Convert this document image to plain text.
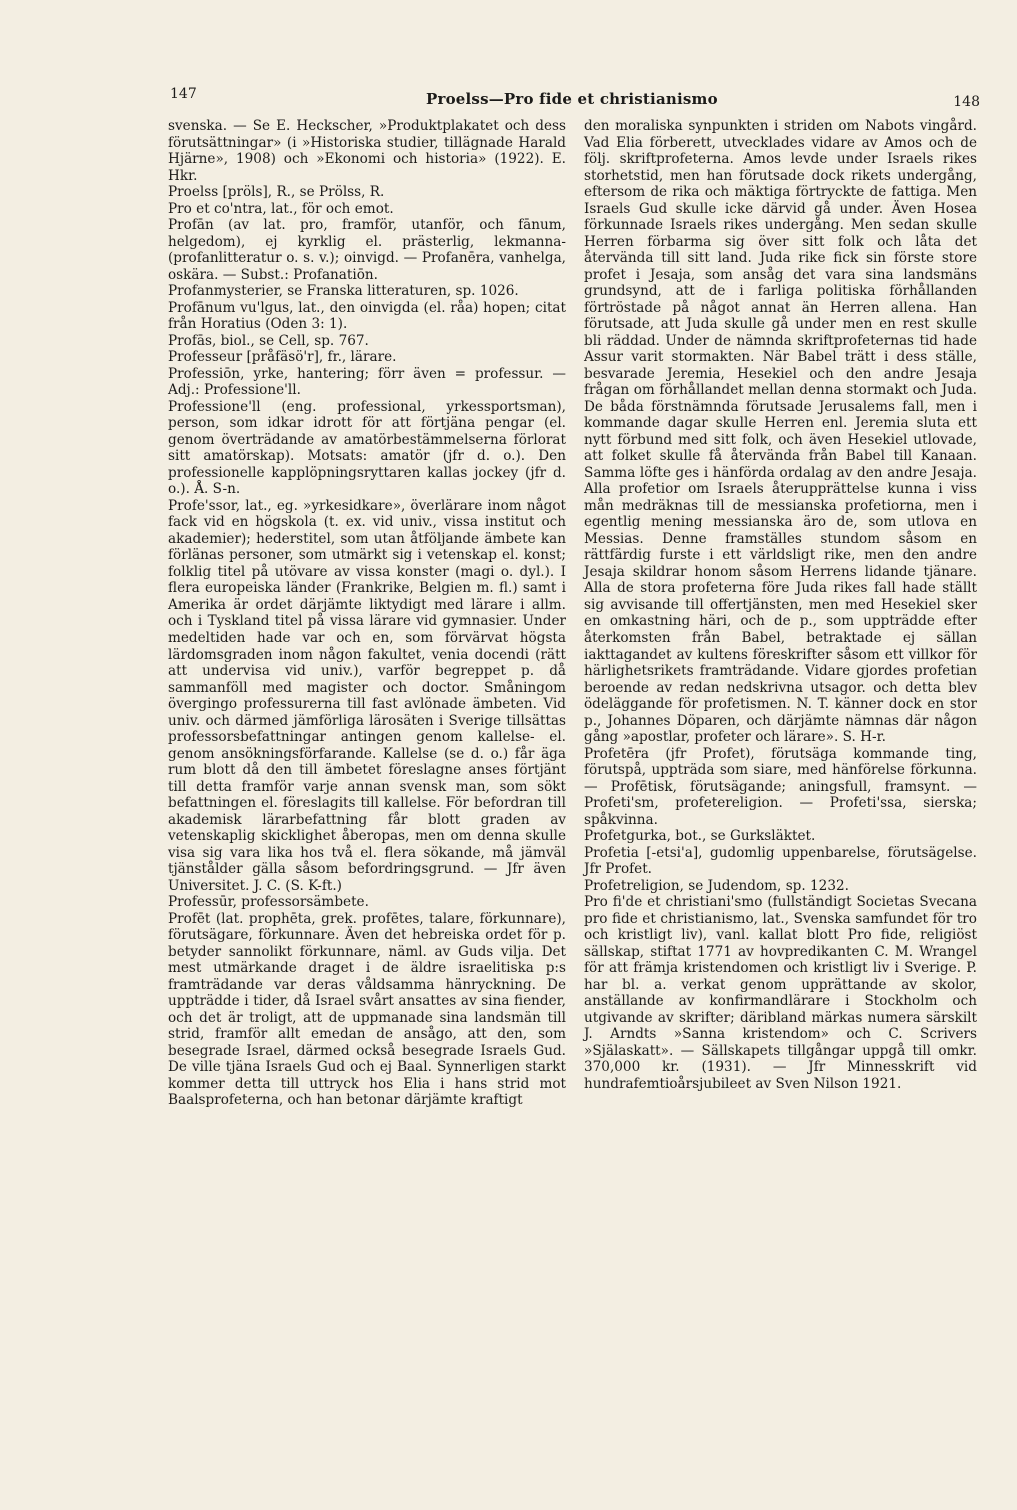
147	Proelss—Pro fide et christianismo	148

svenska. — Se E. Heckscher, »Produktplakatet och dess förutsättningar» (i »Historiska studier, tillägnade Harald Hjärne», 1908) och »Ekonomi och historia» (1922). E. Hkr.

Proelss [pröls], R., se Prölss, R.

Pro et co'ntra, lat., för och emot.

Profān (av lat. pro, framför, utanför, och fānum, helgedom), ej kyrklig el. prästerlig, lekmanna- (profanlitteratur o. s. v.); oinvigd. — Profanēra, vanhelga, oskära. — Subst.: Profanatiōn.

Profanmysterier, se Franska litteraturen, sp. 1026.

Profānum vu'lgus, lat., den oinvigda (el. råa) hopen; citat från Horatius (Oden 3: 1).

Profās, biol., se Cell, sp. 767.

Professeur [pråfäsö'r], fr., lärare.

Professiōn, yrke, hantering; förr även = professur. — Adj.: Professione'll.

Professione'll (eng. professional, yrkessportsman), person, som idkar idrott för att förtjäna pengar (el. genom överträdande av amatörbestämmelserna förlorat sitt amatörskap). Motsats: amatör (jfr d. o.). Den professionelle kapplöpningsryttaren kallas jockey (jfr d. o.). Å. S-n.

Profe'ssor, lat., eg. »yrkesidkare», överlärare inom något fack vid en högskola (t. ex. vid univ., vissa institut och akademier); hederstitel, som utan åtföljande ämbete kan förlänas personer, som utmärkt sig i vetenskap el. konst; folklig titel på utövare av vissa konster (magi o. dyl.). I flera europeiska länder (Frankrike, Belgien m. fl.) samt i Amerika är ordet därjämte liktydigt med lärare i allm. och i Tyskland titel på vissa lärare vid gymnasier. Under medeltiden hade var och en, som förvärvat högsta lärdomsgraden inom någon fakultet, venia docendi (rätt att undervisa vid univ.), varför begreppet p. då sammanföll med magister och doctor. Småningom övergingo professurerna till fast avlönade ämbeten. Vid univ. och därmed jämförliga lärosäten i Sverige tillsättas professorsbefattningar antingen genom kallelse- el. genom ansökningsförfarande. Kallelse (se d. o.) får äga rum blott då den till ämbetet föreslagne anses förtjänt till detta framför varje annan svensk man, som sökt befattningen el. föreslagits till kallelse. För befordran till akademisk lärarbefattning får blott graden av vetenskaplig skicklighet åberopas, men om denna skulle visa sig vara lika hos två el. flera sökande, må jämväl tjänstålder gälla såsom befordringsgrund. — Jfr även Universitet. J. C. (S. K-ft.)

Professūr, professorsämbete.

Profēt (lat. prophēta, grek. profētes, talare, förkunnare), förutsägare, förkunnare. Även det hebreiska ordet för p. betyder sannolikt förkunnare, näml. av Guds vilja. Det mest utmärkande draget i de äldre israelitiska p:s framträdande var deras våldsamma hänryckning. De uppträdde i tider, då Israel svårt ansattes av sina fiender, och det är troligt, att de uppmanade sina landsmän till strid, framför allt emedan de ansågo, att den, som besegrade Israel, därmed också besegrade Israels Gud. De ville tjäna Israels Gud och ej Baal. Synnerligen starkt kommer detta till uttryck hos Elia i hans strid mot Baalsprofeterna, och han betonar därjämte kraftigt

den moraliska synpunkten i striden om Nabots vingård. Vad Elia förberett, utvecklades vidare av Amos och de följ. skriftprofeterna. Amos levde under Israels rikes storhetstid, men han förutsade dock rikets undergång, eftersom de rika och mäktiga förtryckte de fattiga. Men Israels Gud skulle icke därvid gå under. Även Hosea förkunnade Israels rikes undergång. Men sedan skulle Herren förbarma sig över sitt folk och låta det återvända till sitt land. Juda rike fick sin förste store profet i Jesaja, som ansåg det vara sina landsmäns grundsynd, att de i farliga politiska förhållanden förtröstade på något annat än Herren allena. Han förutsade, att Juda skulle gå under men en rest skulle bli räddad. Under de nämnda skriftprofeternas tid hade Assur varit stormakten. När Babel trätt i dess ställe, besvarade Jeremia, Hesekiel och den andre Jesaja frågan om förhållandet mellan denna stormakt och Juda. De båda förstnämnda förutsade Jerusalems fall, men i kommande dagar skulle Herren enl. Jeremia sluta ett nytt förbund med sitt folk, och även Hesekiel utlovade, att folket skulle få återvända från Babel till Kanaan. Samma löfte ges i hänförda ordalag av den andre Jesaja. Alla profetior om Israels återupprättelse kunna i viss mån medräknas till de messianska profetiorna, men i egentlig mening messianska äro de, som utlova en Messias. Denne framställes stundom såsom en rättfärdig furste i ett världsligt rike, men den andre Jesaja skildrar honom såsom Herrens lidande tjänare. Alla de stora profeterna före Juda rikes fall hade ställt sig avvisande till offertjänsten, men med Hesekiel sker en omkastning häri, och de p., som uppträdde efter återkomsten från Babel, betraktade ej sällan iakttagandet av kultens föreskrifter såsom ett villkor för härlighetsrikets framträdande. Vidare gjordes profetian beroende av redan nedskrivna utsagor. och detta blev ödeläggande för profetismen. N. T. känner dock en stor p., Johannes Döparen, och därjämte nämnas där någon gång »apostlar, profeter och lärare». S. H-r.

Profetēra (jfr Profet), förutsäga kommande ting, förutspå, uppträda som siare, med hänförelse förkunna. — Profētisk, förutsägande; aningsfull, framsynt. — Profeti'sm, profetereligion. — Profeti'ssa, sierska; spåkvinna.

Profetgurka, bot., se Gurksläktet.

Profetia [-etsi'a], gudomlig uppenbarelse, förutsägelse. Jfr Profet.

Profetreligion, se Judendom, sp. 1232.

Pro fi'de et christiani'smo (fullständigt Societas Svecana pro fide et christianismo, lat., Svenska samfundet för tro och kristligt liv), vanl. kallat blott Pro fide, religiöst sällskap, stiftat 1771 av hovpredikanten C. M. Wrangel för att främja kristendomen och kristligt liv i Sverige. P. har bl. a. verkat genom upprättande av skolor, anställande av konfirmandlärare i Stockholm och utgivande av skrifter; däribland märkas numera särskilt J. Arndts »Sanna kristendom» och C. Scrivers »Själaskatt». — Sällskapets tillgångar uppgå till omkr. 370,000 kr. (1931). — Jfr Minnesskrift vid hundrafemtioårsjubileet av Sven Nilson 1921.
